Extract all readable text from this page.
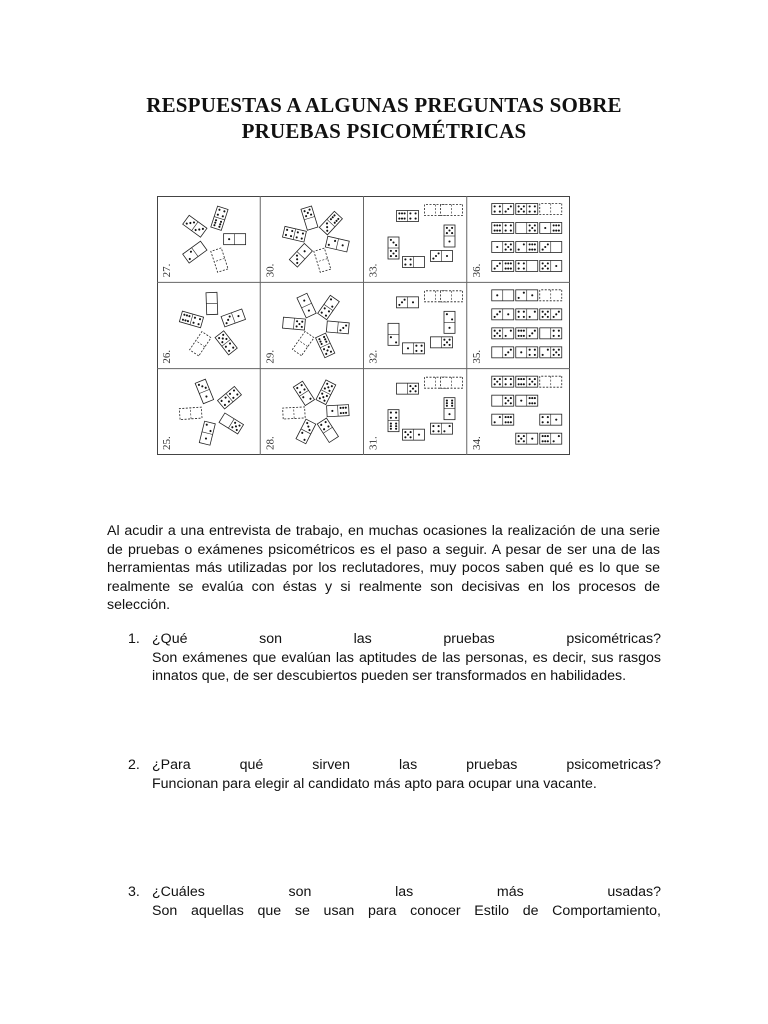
RESPUESTAS A ALGUNAS PREGUNTAS SOBRE
PRUEBAS PSICOMÉTRICAS
27.	30.	33.	36.
26.	29.	32.	35.
25.	28.	31.	34.
Al acudir a una entrevista de trabajo, en muchas ocasiones la realización de una serie de pruebas o exámenes psicométricos es el paso a seguir. A pesar de ser una de las herramientas más utilizadas por los reclutadores, muy pocos saben qué es lo que se realmente se evalúa con éstas y si realmente son decisivas en los procesos de selección.
1. ¿Qué	son	las	pruebas	psicométricas?
Son exámenes que evalúan las aptitudes de las personas, es decir, sus rasgos innatos que, de ser descubiertos pueden ser transformados en habilidades.
2. ¿Para	qué	sirven	las	pruebas	psicometricas?
Funcionan para elegir al candidato más apto para ocupar una vacante.
3. ¿Cuáles	son	las	más	usadas?
Son aquellas que se usan para conocer Estilo de Comportamiento,
